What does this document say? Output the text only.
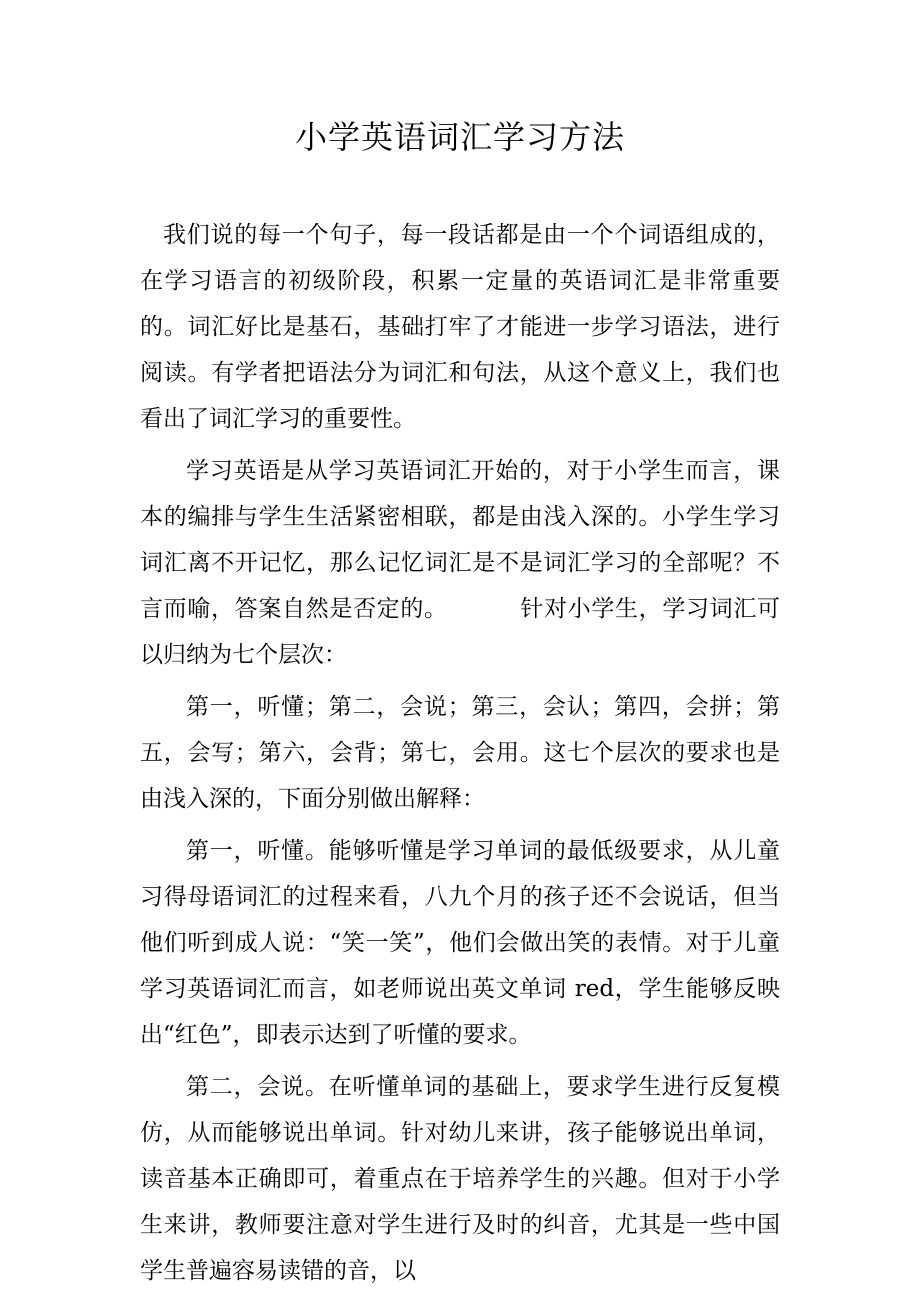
小学英语词汇学习方法

我们说的每一个句子，每一段话都是由一个个词语组成的，在学习语言的初级阶段，积累一定量的英语词汇是非常重要的。词汇好比是基石，基础打牢了才能进一步学习语法，进行阅读。有学者把语法分为词汇和句法，从这个意义上，我们也看出了词汇学习的重要性。

学习英语是从学习英语词汇开始的，对于小学生而言，课本的编排与学生生活紧密相联，都是由浅入深的。小学生学习词汇离不开记忆，那么记忆词汇是不是词汇学习的全部呢？不言而喻，答案自然是否定的。	针对小学生，学习词汇可以归纳为七个层次：

第一，听懂；第二，会说；第三，会认；第四，会拼；第五，会写；第六，会背；第七，会用。这七个层次的要求也是由浅入深的，下面分别做出解释：

第一，听懂。能够听懂是学习单词的最低级要求，从儿童习得母语词汇的过程来看，八九个月的孩子还不会说话，但当他们听到成人说：“笑一笑”，他们会做出笑的表情。对于儿童学习英语词汇而言，如老师说出英文单词 red，学生能够反映出“红色”，即表示达到了听懂的要求。

第二，会说。在听懂单词的基础上，要求学生进行反复模仿，从而能够说出单词。针对幼儿来讲，孩子能够说出单词，读音基本正确即可，着重点在于培养学生的兴趣。但对于小学生来讲，教师要注意对学生进行及时的纠音，尤其是一些中国学生普遍容易读错的音，以
